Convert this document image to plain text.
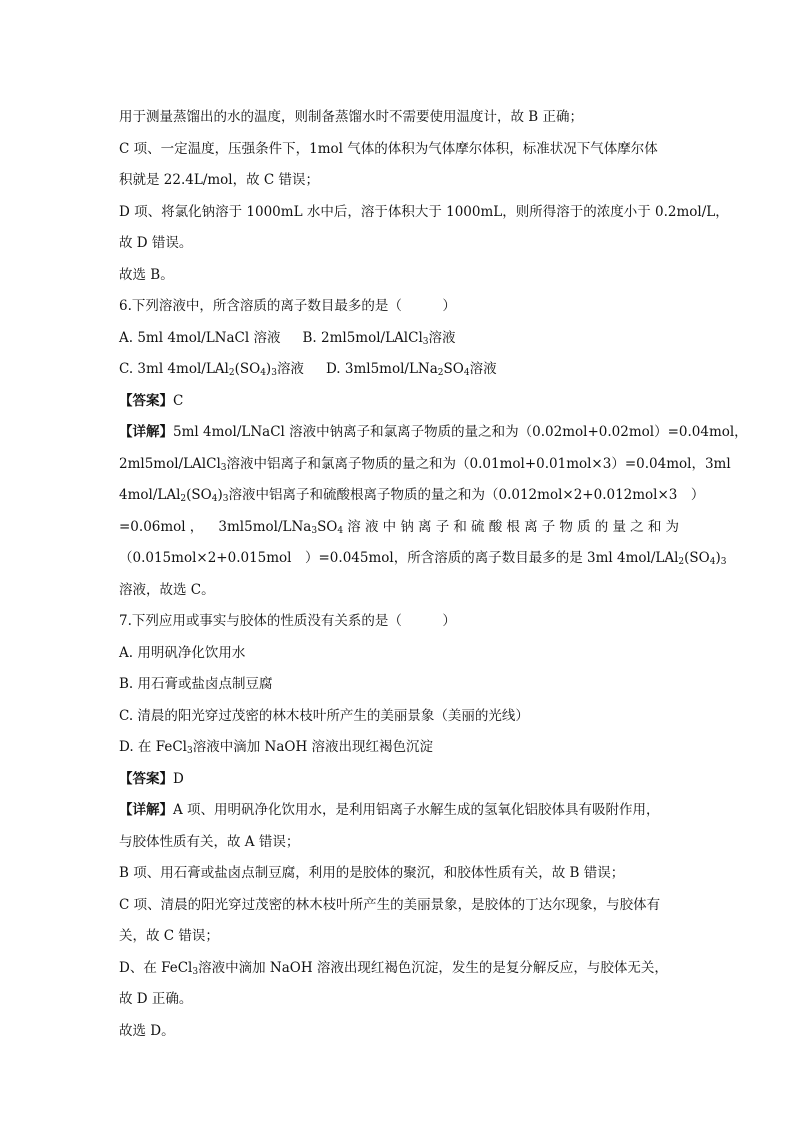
用于测量蒸馏出的水的温度，则制备蒸馏水时不需要使用温度计，故 B 正确；
C 项、一定温度，压强条件下，1mol 气体的体积为气体摩尔体积，标准状况下气体摩尔体
积就是 22.4L/mol，故 C 错误；
D 项、将氯化钠溶于 1000mL 水中后，溶于体积大于 1000mL，则所得溶于的浓度小于 0.2mol/L，
故 D 错误。
故选 B。
6.下列溶液中，所含溶质的离子数目最多的是（　　　）
A. 5ml 4mol/LNaCl 溶液 B. 2ml5mol/LAlCl$_3$溶液
C. 3ml $4mol/LAl_2(SO_4)_3$溶液 D. $3ml5mol/LNa_2SO_4$溶液
【答案】C
【详解】5ml 4mol/LNaCl 溶液中钠离子和氯离子物质的量之和为（0.02mol+0.02mol）=0.04mol，
2ml5mol/LAlCl$_3$溶液中铝离子和氯离子物质的量之和为（0.01mol+0.01mol×3）=0.04mol，3ml
$4mol/LAl_2(SO_4)_3$溶液中铝离子和硫酸根离子物质的量之和为（0.012mol×2+0.012mol×3　）
=0.06mol，　$3ml5mol/LNa_3SO_4$溶液中钠离子和硫酸根离子物质的量之和为
（0.015mol×2+0.015mol　）=0.045mol，所含溶质的离子数目最多的是 3ml $4mol/LAl_2(SO_4)_3$
溶液，故选 C。
7.下列应用或事实与胶体的性质没有关系的是（　　　）
A. 用明矾净化饮用水
B. 用石膏或盐卤点制豆腐
C. 清晨的阳光穿过茂密的林木枝叶所产生的美丽景象（美丽的光线）
D. 在 FeCl$_3$溶液中滴加 NaOH 溶液出现红褐色沉淀
【答案】D
【详解】A 项、用明矾净化饮用水，是利用铝离子水解生成的氢氧化铝胶体具有吸附作用，
与胶体性质有关，故 A 错误；
B 项、用石膏或盐卤点制豆腐，利用的是胶体的聚沉，和胶体性质有关，故 B 错误；
C 项、清晨的阳光穿过茂密的林木枝叶所产生的美丽景象，是胶体的丁达尔现象，与胶体有
关，故 C 错误；
D、在 FeCl$_3$溶液中滴加 NaOH 溶液出现红褐色沉淀，发生的是复分解反应，与胶体无关，
故 D 正确。
故选 D。
